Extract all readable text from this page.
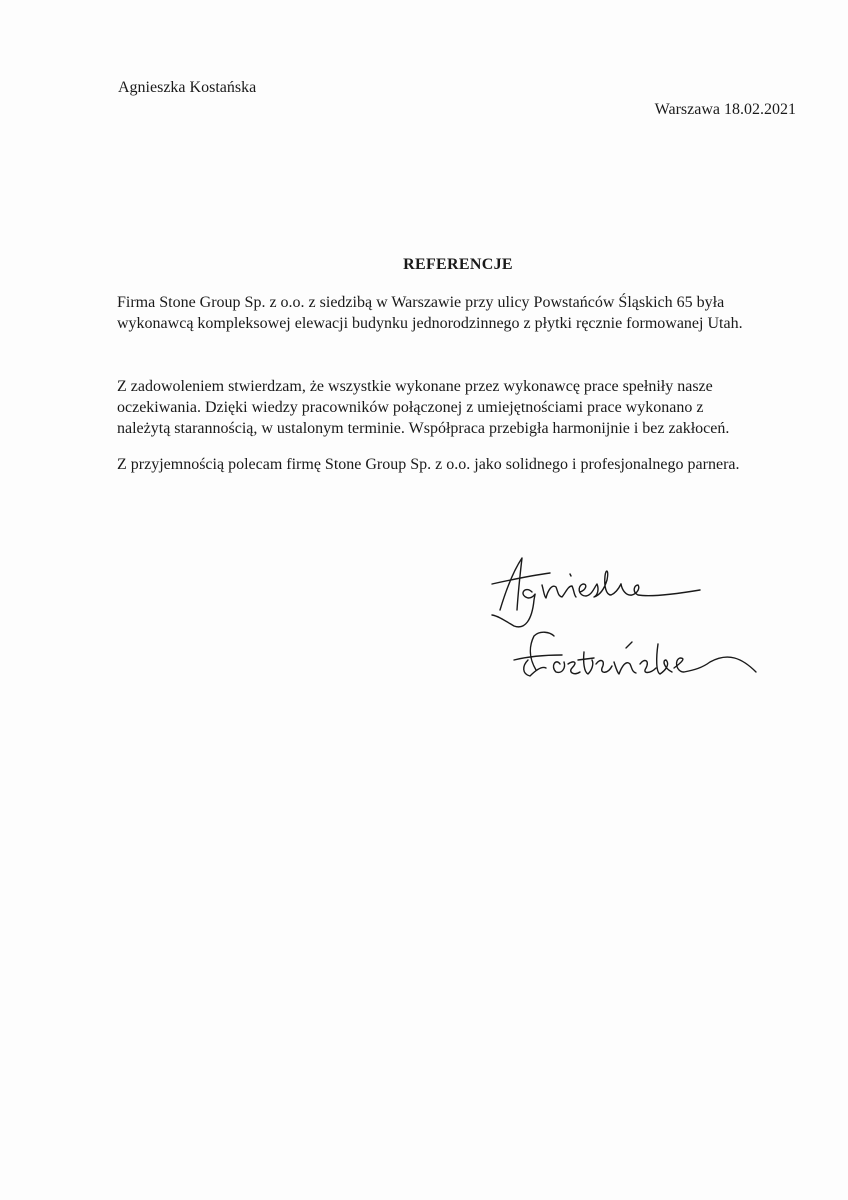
Agnieszka Kostańska
Warszawa 18.02.2021
REFERENCJE
Firma Stone Group Sp. z o.o. z siedzibą w Warszawie przy ulicy Powstańców Śląskich 65 była
wykonawcą kompleksowej elewacji budynku jednorodzinnego z płytki ręcznie formowanej Utah.
Z zadowoleniem stwierdzam, że wszystkie wykonane przez wykonawcę prace spełniły nasze
oczekiwania. Dzięki wiedzy pracowników połączonej z umiejętnościami prace wykonano z
należytą starannością, w ustalonym terminie. Współpraca przebigła harmonijnie i bez zakłoceń.
Z przyjemnością polecam firmę Stone Group Sp. z o.o. jako solidnego i profesjonalnego parnera.
